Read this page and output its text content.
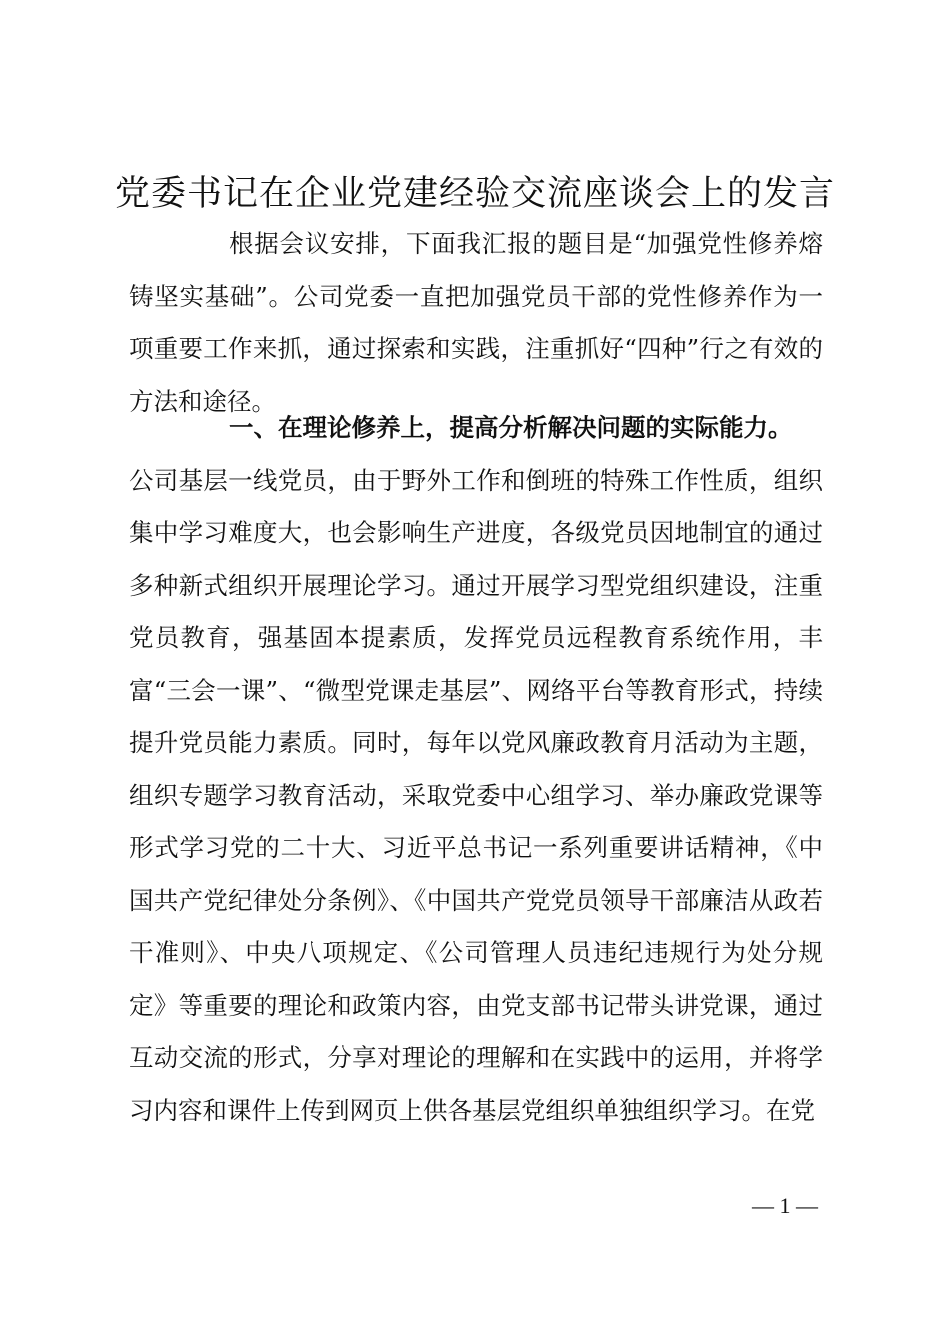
党委书记在企业党建经验交流座谈会上的发言

根据会议安排，下面我汇报的题目是“加强党性修养熔铸坚实基础”。公司党委一直把加强党员干部的党性修养作为一项重要工作来抓，通过探索和实践，注重抓好“四种”行之有效的方法和途径。

一、在理论修养上，提高分析解决问题的实际能力。
公司基层一线党员，由于野外工作和倒班的特殊工作性质，组织集中学习难度大，也会影响生产进度，各级党员因地制宜的通过多种新式组织开展理论学习。通过开展学习型党组织建设，注重党员教育，强基固本提素质，发挥党员远程教育系统作用，丰富“三会一课”、“微型党课走基层”、网络平台等教育形式，持续提升党员能力素质。同时，每年以党风廉政教育月活动为主题，组织专题学习教育活动，采取党委中心组学习、举办廉政党课等形式学习党的二十大、习近平总书记一系列重要讲话精神，《中国共产党纪律处分条例》、《中国共产党党员领导干部廉洁从政若干准则》、中央八项规定、《公司管理人员违纪违规行为处分规定》等重要的理论和政策内容，由党支部书记带头讲党课，通过互动交流的形式，分享对理论的理解和在实践中的运用，并将学习内容和课件上传到网页上供各基层党组织单独组织学习。在党
— 1 —
